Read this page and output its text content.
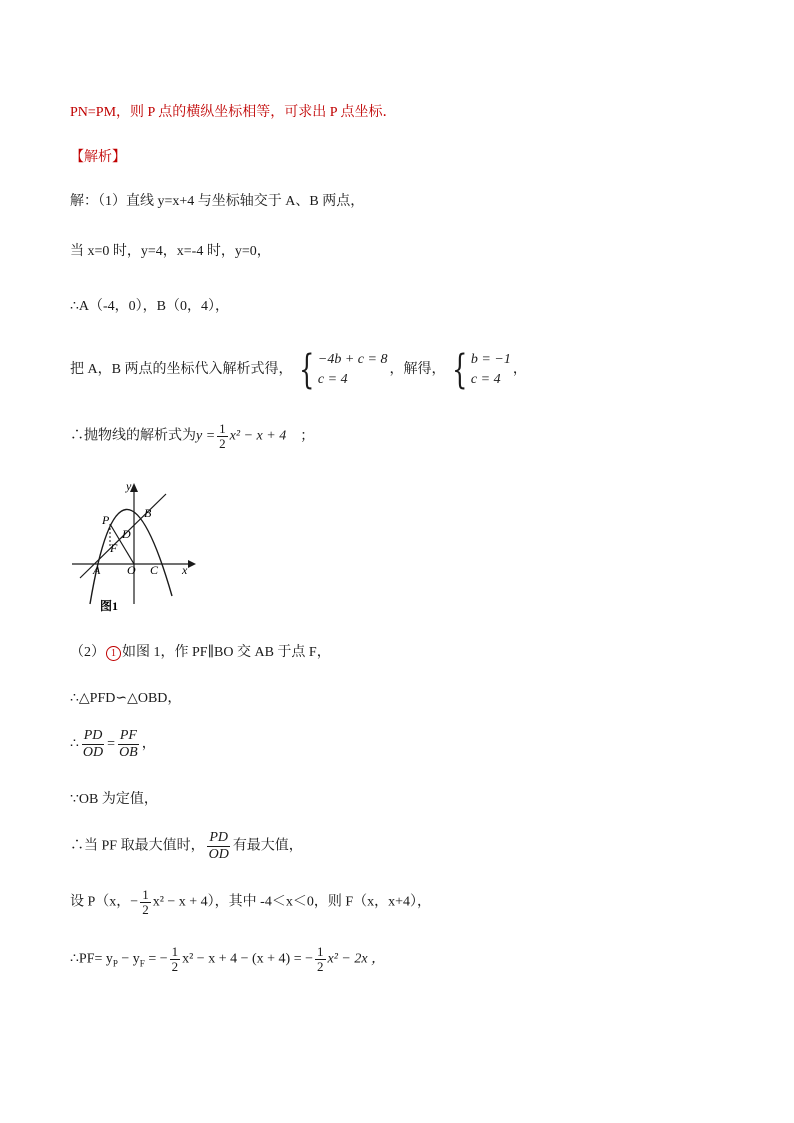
PN=PM，则 P 点的横纵坐标相等，可求出 P 点坐标．
【解析】
解：（1）直线 y=x+4 与坐标轴交于 A、B 两点，
当 x=0 时，y=4，x=-4 时，y=0，
∴A（-4，0），B（0，4），
把 A，B 两点的坐标代入解析式得， { −4b + c = 8
c = 4
，解得， { b = −1
c = 4
，
∴抛物线的解析式为$y = \frac{1}{2} x^2 - x + 4$ ；
y
x
P	B
D
F
A O C
图1
（2） 1 如图 1，作 PF∥BO 交 AB 于点 F，
∴△PFD∽△OBD，
∴ $\frac{PD}{OD} = \frac{PF}{OB}$ ，
∵OB 为定值，
∴当 PF 取最大值时， $\frac{PD}{OD}$ 有最大值，
设 P（x，− $\frac{1}{2} x^2 - x + 4$），其中 -4＜x＜0，则 F（x，x+4），
∴PF= $y_P - y_F$ = − $\frac{1}{2} x^2 - x + 4 - (x + 4)$ = − $\frac{1}{2} x^2 - 2x$ ，
